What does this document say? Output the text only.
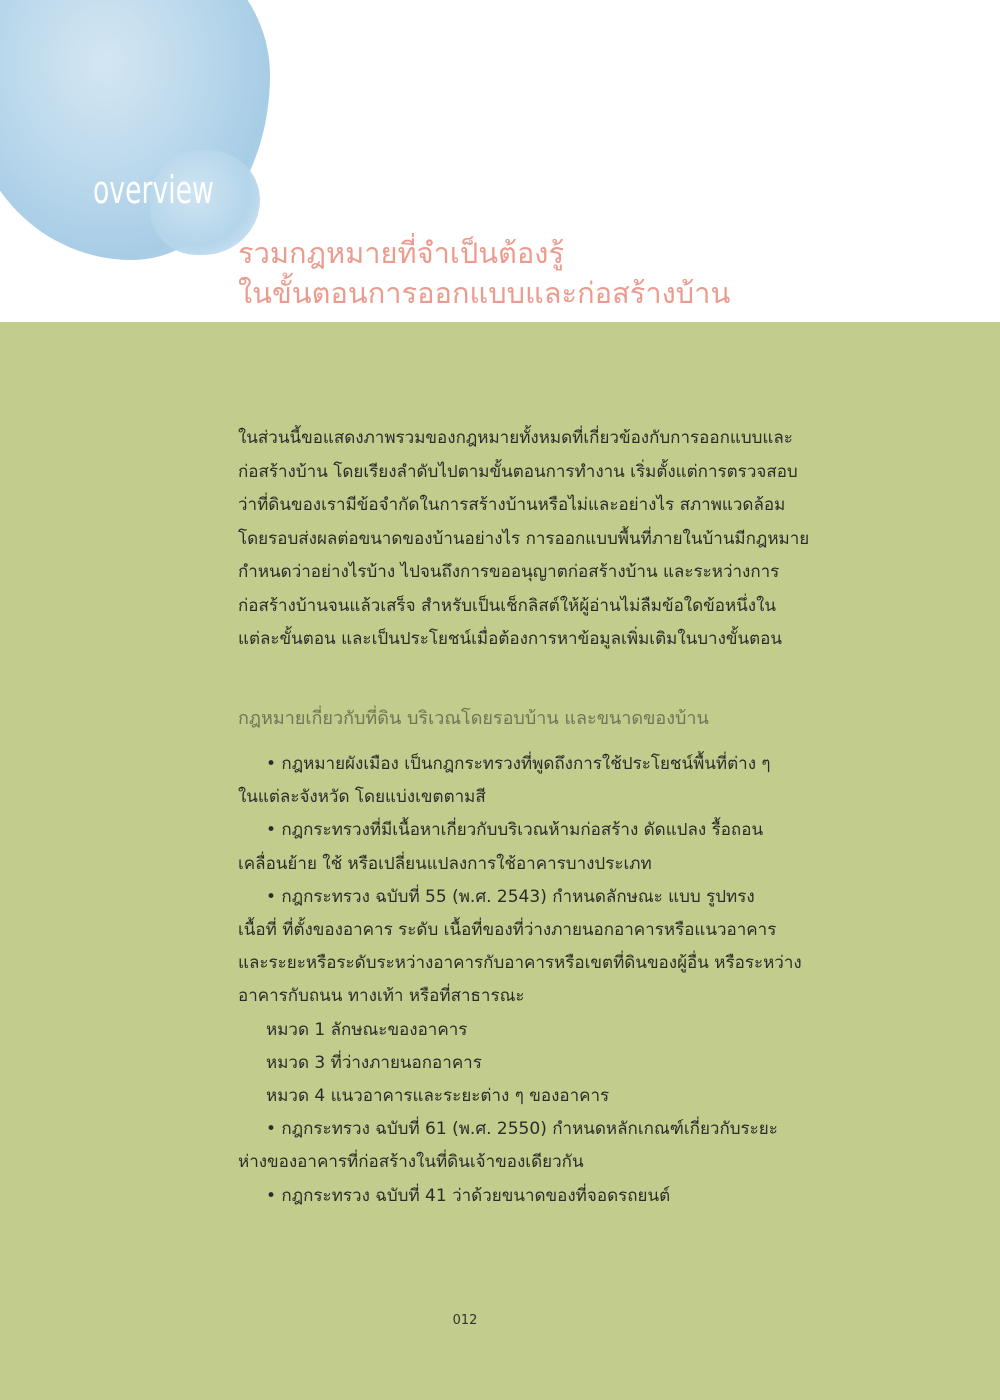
overview
รวมกฎหมายที่จำเป็นต้องรู้
ในขั้นตอนการออกแบบและก่อสร้างบ้าน
ในส่วนนี้ขอแสดงภาพรวมของกฎหมายทั้งหมดที่เกี่ยวข้องกับการออกแบบและ
ก่อสร้างบ้าน โดยเรียงลำดับไปตามขั้นตอนการทำงาน เริ่มตั้งแต่การตรวจสอบ
ว่าที่ดินของเรามีข้อจำกัดในการสร้างบ้านหรือไม่และอย่างไร สภาพแวดล้อม
โดยรอบส่งผลต่อขนาดของบ้านอย่างไร การออกแบบพื้นที่ภายในบ้านมีกฎหมาย
กำหนดว่าอย่างไรบ้าง ไปจนถึงการขออนุญาตก่อสร้างบ้าน และระหว่างการ
ก่อสร้างบ้านจนแล้วเสร็จ สำหรับเป็นเช็กลิสต์ให้ผู้อ่านไม่ลืมข้อใดข้อหนึ่งใน
แต่ละขั้นตอน และเป็นประโยชน์เมื่อต้องการหาข้อมูลเพิ่มเติมในบางขั้นตอน
กฎหมายเกี่ยวกับที่ดิน บริเวณโดยรอบบ้าน และขนาดของบ้าน
• กฎหมายผังเมือง เป็นกฎกระทรวงที่พูดถึงการใช้ประโยชน์พื้นที่ต่าง ๆ
ในแต่ละจังหวัด โดยแบ่งเขตตามสี
• กฎกระทรวงที่มีเนื้อหาเกี่ยวกับบริเวณห้ามก่อสร้าง ดัดแปลง รื้อถอน
เคลื่อนย้าย ใช้ หรือเปลี่ยนแปลงการใช้อาคารบางประเภท
• กฎกระทรวง ฉบับที่ 55 (พ.ศ. 2543) กำหนดลักษณะ แบบ รูปทรง
เนื้อที่ ที่ตั้งของอาคาร ระดับ เนื้อที่ของที่ว่างภายนอกอาคารหรือแนวอาคาร
และระยะหรือระดับระหว่างอาคารกับอาคารหรือเขตที่ดินของผู้อื่น หรือระหว่าง
อาคารกับถนน ทางเท้า หรือที่สาธารณะ
หมวด 1 ลักษณะของอาคาร
หมวด 3 ที่ว่างภายนอกอาคาร
หมวด 4 แนวอาคารและระยะต่าง ๆ ของอาคาร
• กฎกระทรวง ฉบับที่ 61 (พ.ศ. 2550) กำหนดหลักเกณฑ์เกี่ยวกับระยะ
ห่างของอาคารที่ก่อสร้างในที่ดินเจ้าของเดียวกัน
• กฎกระทรวง ฉบับที่ 41 ว่าด้วยขนาดของที่จอดรถยนต์
012
